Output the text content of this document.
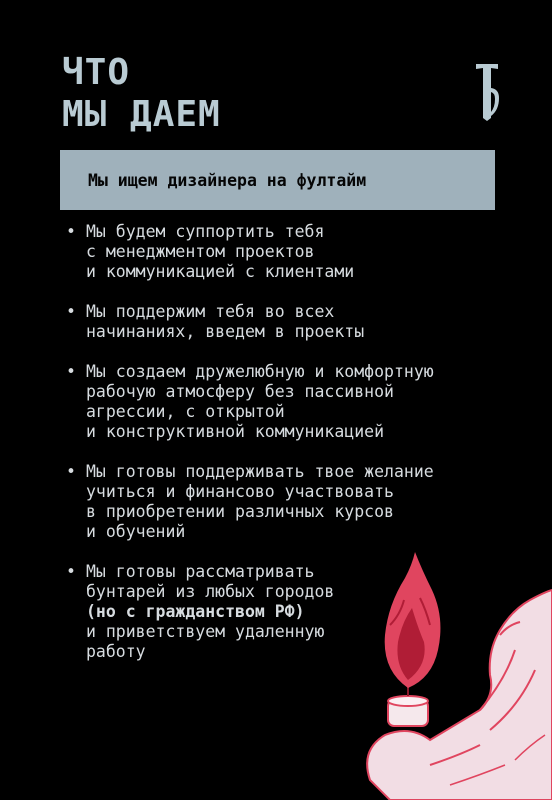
ЧТО
МЫ ДАЕМ
Мы ищем дизайнера на фултайм
• Мы будем суппортить тебя
с менеджментом проектов
и коммуникацией с клиентами
• Мы поддержим тебя во всех
начинаниях, введем в проекты
• Мы создаем дружелюбную и комфортную
рабочую атмосферу без пассивной
агрессии, с открытой
и конструктивной коммуникацией
• Мы готовы поддерживать твое желание
учиться и финансово участвовать
в приобретении различных курсов
и обучений
• Мы готовы рассматривать
бунтарей из любых городов
(но с гражданством РФ)
и приветствуем удаленную
работу
